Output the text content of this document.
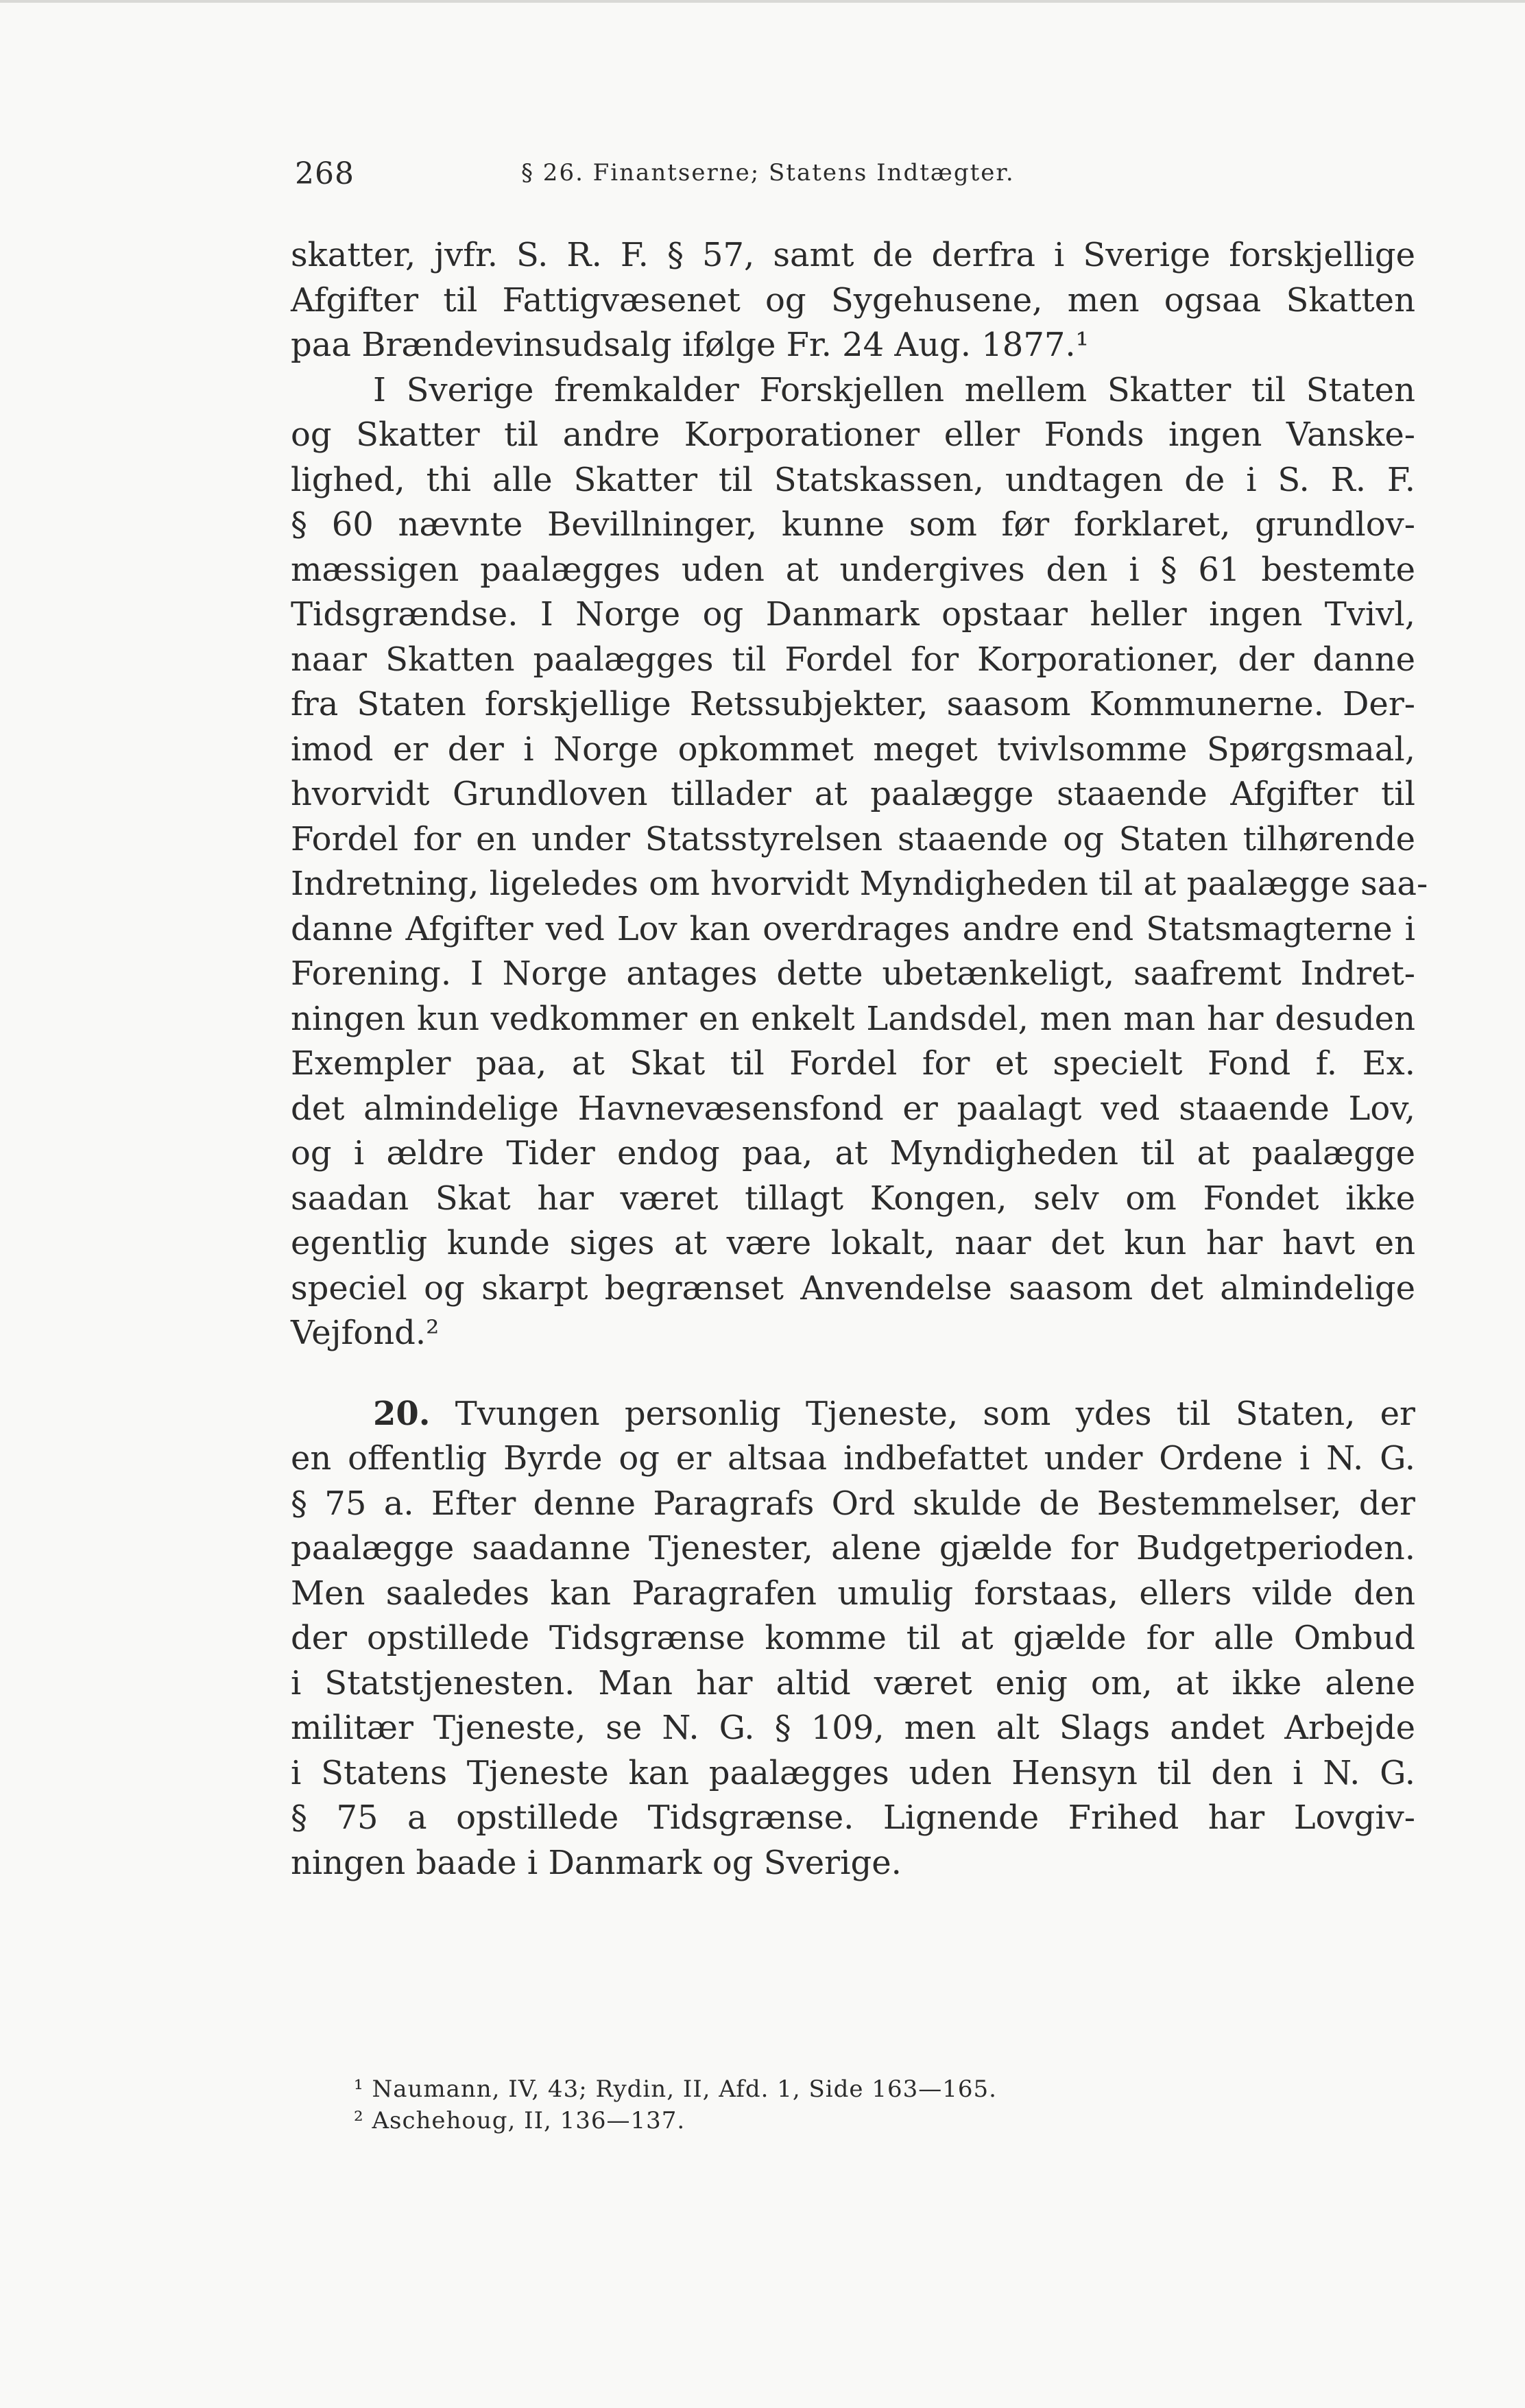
268	§ 26. Finantserne; Statens Indtægter.
skatter, jvfr. S. R. F. § 57, samt de derfra i Sverige forskjellige
Afgifter til Fattigvæsenet og Sygehusene, men ogsaa Skatten
paa Brændevinsudsalg ifølge Fr. 24 Aug. 1877.¹
I Sverige fremkalder Forskjellen mellem Skatter til Staten
og Skatter til andre Korporationer eller Fonds ingen Vanske-
lighed, thi alle Skatter til Statskassen, undtagen de i S. R. F.
§ 60 nævnte Bevillninger, kunne som før forklaret, grundlov-
mæssigen paalægges uden at undergives den i § 61 bestemte
Tidsgrændse. I Norge og Danmark opstaar heller ingen Tvivl,
naar Skatten paalægges til Fordel for Korporationer, der danne
fra Staten forskjellige Retssubjekter, saasom Kommunerne. Der-
imod er der i Norge opkommet meget tvivlsomme Spørgsmaal,
hvorvidt Grundloven tillader at paalægge staaende Afgifter til
Fordel for en under Statsstyrelsen staaende og Staten tilhørende
Indretning, ligeledes om hvorvidt Myndigheden til at paalægge saa-
danne Afgifter ved Lov kan overdrages andre end Statsmagterne i
Forening. I Norge antages dette ubetænkeligt, saafremt Indret-
ningen kun vedkommer en enkelt Landsdel, men man har desuden
Exempler paa, at Skat til Fordel for et specielt Fond f. Ex.
det almindelige Havnevæsensfond er paalagt ved staaende Lov,
og i ældre Tider endog paa, at Myndigheden til at paalægge
saadan Skat har været tillagt Kongen, selv om Fondet ikke
egentlig kunde siges at være lokalt, naar det kun har havt en
speciel og skarpt begrænset Anvendelse saasom det almindelige
Vejfond.²
20. Tvungen personlig Tjeneste, som ydes til Staten, er
en offentlig Byrde og er altsaa indbefattet under Ordene i N. G.
§ 75 a. Efter denne Paragrafs Ord skulde de Bestemmelser, der
paalægge saadanne Tjenester, alene gjælde for Budgetperioden.
Men saaledes kan Paragrafen umulig forstaas, ellers vilde den
der opstillede Tidsgrænse komme til at gjælde for alle Ombud
i Statstjenesten. Man har altid været enig om, at ikke alene
militær Tjeneste, se N. G. § 109, men alt Slags andet Arbejde
i Statens Tjeneste kan paalægges uden Hensyn til den i N. G.
§ 75 a opstillede Tidsgrænse. Lignende Frihed har Lovgiv-
ningen baade i Danmark og Sverige.
¹ Naumann, IV, 43; Rydin, II, Afd. 1, Side 163—165.
² Aschehoug, II, 136—137.
